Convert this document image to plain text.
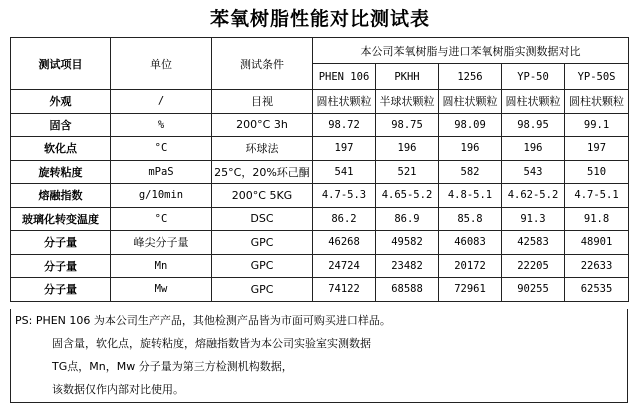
苯氧树脂性能对比测试表
测试项目	单位	测试条件	本公司苯氧树脂与进口苯氧树脂实测数据对比				
			PHEN 106	PKHH	1256	YP-50	YP-50S
外观	/	目视	圆柱状颗粒	半球状颗粒	圆柱状颗粒	圆柱状颗粒	圆柱状颗粒
固含	%	200°C 3h	98.72	98.75	98.09	98.95	99.1
软化点	°C	环球法	197	196	196	196	197
旋转粘度	mPaS	25°C，20%环己酮	541	521	582	543	510
熔融指数	g/10min	200°C 5KG	4.7-5.3	4.65-5.2	4.8-5.1	4.62-5.2	4.7-5.1
玻璃化转变温度	°C	DSC	86.2	86.9	85.8	91.3	91.8
分子量	峰尖分子量	GPC	46268	49582	46083	42583	48901
分子量	Mn	GPC	24724	23482	20172	22205	22633
分子量	Mw	GPC	74122	68588	72961	90255	62535
PS: PHEN 106 为本公司生产产品，其他检测产品皆为市面可购买进口样品。
固含量，软化点，旋转粘度，熔融指数皆为本公司实验室实测数据
TG点，Mn，Mw 分子量为第三方检测机构数据，
该数据仅作内部对比使用。
